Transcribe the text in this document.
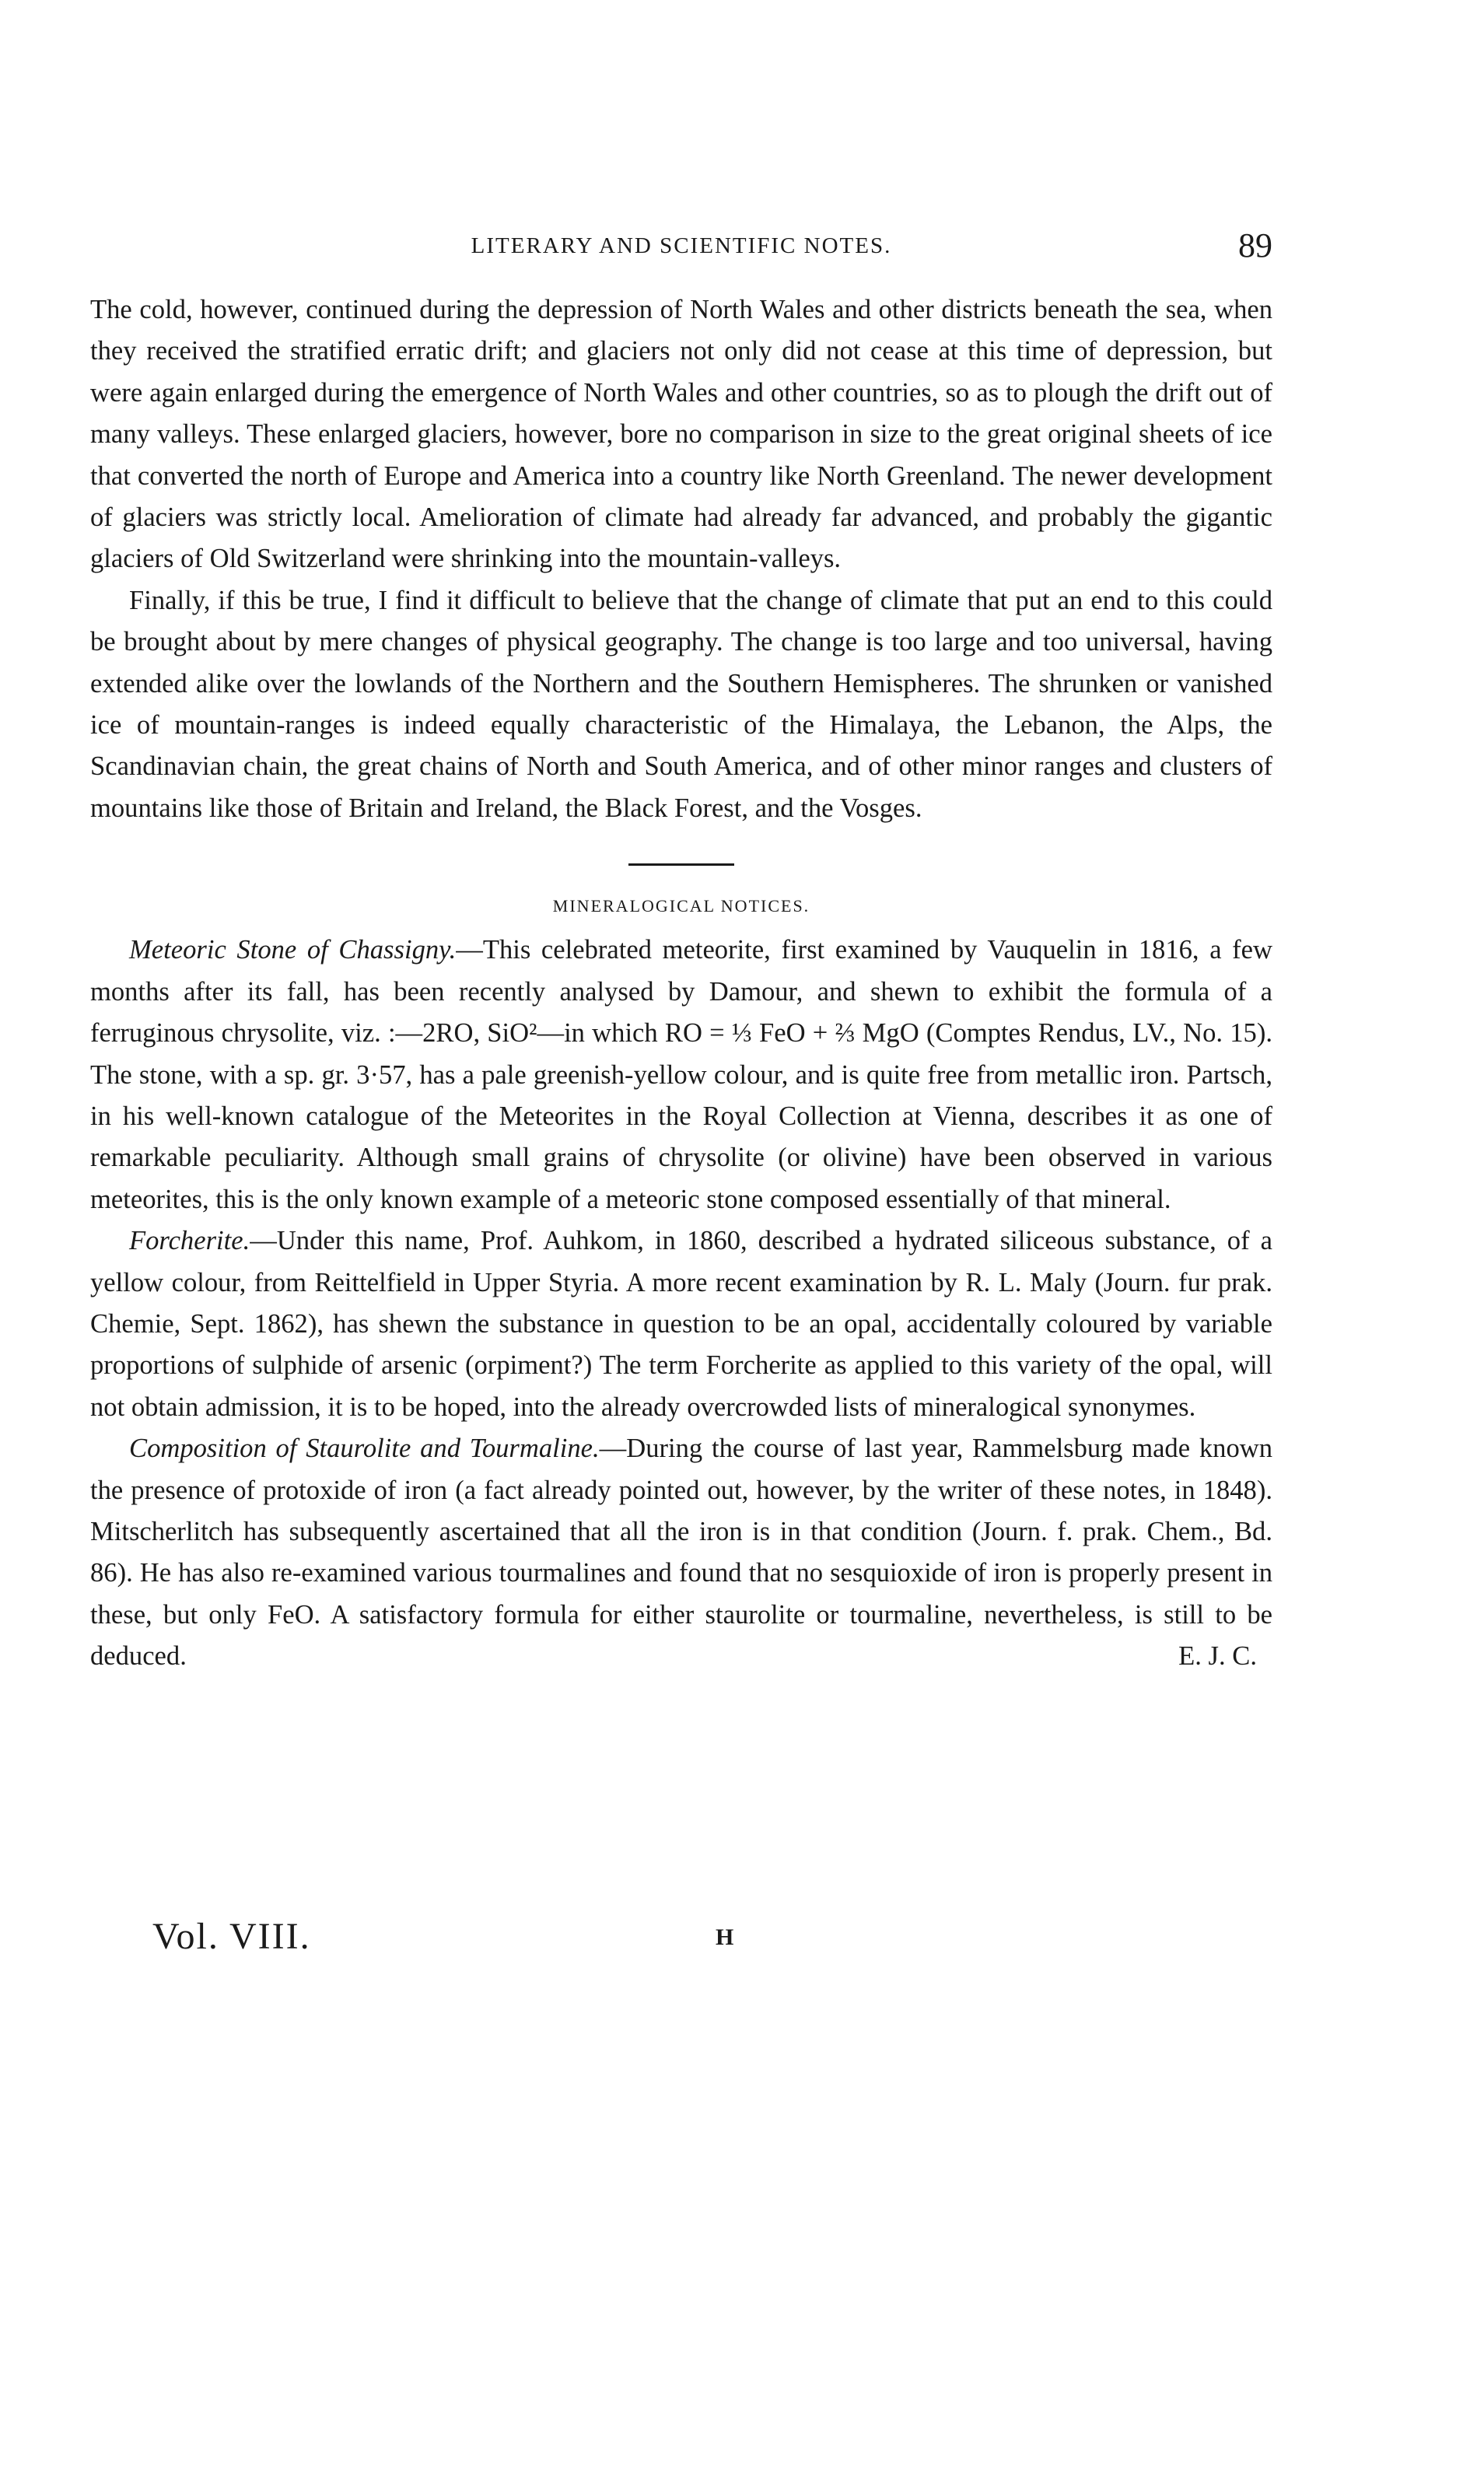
LITERARY AND SCIENTIFIC NOTES.	89

The cold, however, continued during the depression of North Wales and other districts beneath the sea, when they received the stratified erratic drift; and glaciers not only did not cease at this time of depression, but were again enlarged during the emergence of North Wales and other countries, so as to plough the drift out of many valleys. These enlarged glaciers, however, bore no comparison in size to the great original sheets of ice that converted the north of Europe and America into a country like North Greenland. The newer development of glaciers was strictly local. Amelioration of climate had already far advanced, and probably the gigantic glaciers of Old Switzerland were shrinking into the mountain-valleys.

Finally, if this be true, I find it difficult to believe that the change of climate that put an end to this could be brought about by mere changes of physical geography. The change is too large and too universal, having extended alike over the lowlands of the Northern and the Southern Hemispheres. The shrunken or vanished ice of mountain-ranges is indeed equally characteristic of the Himalaya, the Lebanon, the Alps, the Scandinavian chain, the great chains of North and South America, and of other minor ranges and clusters of mountains like those of Britain and Ireland, the Black Forest, and the Vosges.

MINERALOGICAL NOTICES.

Meteoric Stone of Chassigny.—This celebrated meteorite, first examined by Vauquelin in 1816, a few months after its fall, has been recently analysed by Damour, and shewn to exhibit the formula of a ferruginous chrysolite, viz. :—2RO, SiO²—in which RO = ⅓ FeO + ⅔ MgO (Comptes Rendus, LV., No. 15). The stone, with a sp. gr. 3·57, has a pale greenish-yellow colour, and is quite free from metallic iron. Partsch, in his well-known catalogue of the Meteorites in the Royal Collection at Vienna, describes it as one of remarkable peculiarity. Although small grains of chrysolite (or olivine) have been observed in various meteorites, this is the only known example of a meteoric stone composed essentially of that mineral.

Forcherite.—Under this name, Prof. Auhkom, in 1860, described a hydrated siliceous substance, of a yellow colour, from Reittelfield in Upper Styria. A more recent examination by R. L. Maly (Journ. fur prak. Chemie, Sept. 1862), has shewn the substance in question to be an opal, accidentally coloured by variable proportions of sulphide of arsenic (orpiment?) The term Forcherite as applied to this variety of the opal, will not obtain admission, it is to be hoped, into the already overcrowded lists of mineralogical synonymes.

Composition of Staurolite and Tourmaline.—During the course of last year, Rammelsburg made known the presence of protoxide of iron (a fact already pointed out, however, by the writer of these notes, in 1848). Mitscherlitch has subsequently ascertained that all the iron is in that condition (Journ. f. prak. Chem., Bd. 86). He has also re-examined various tourmalines and found that no sesquioxide of iron is properly present in these, but only FeO. A satisfactory formula for either staurolite or tourmaline, nevertheless, is still to be deduced.	E. J. C.

Vol. VIII.	H
